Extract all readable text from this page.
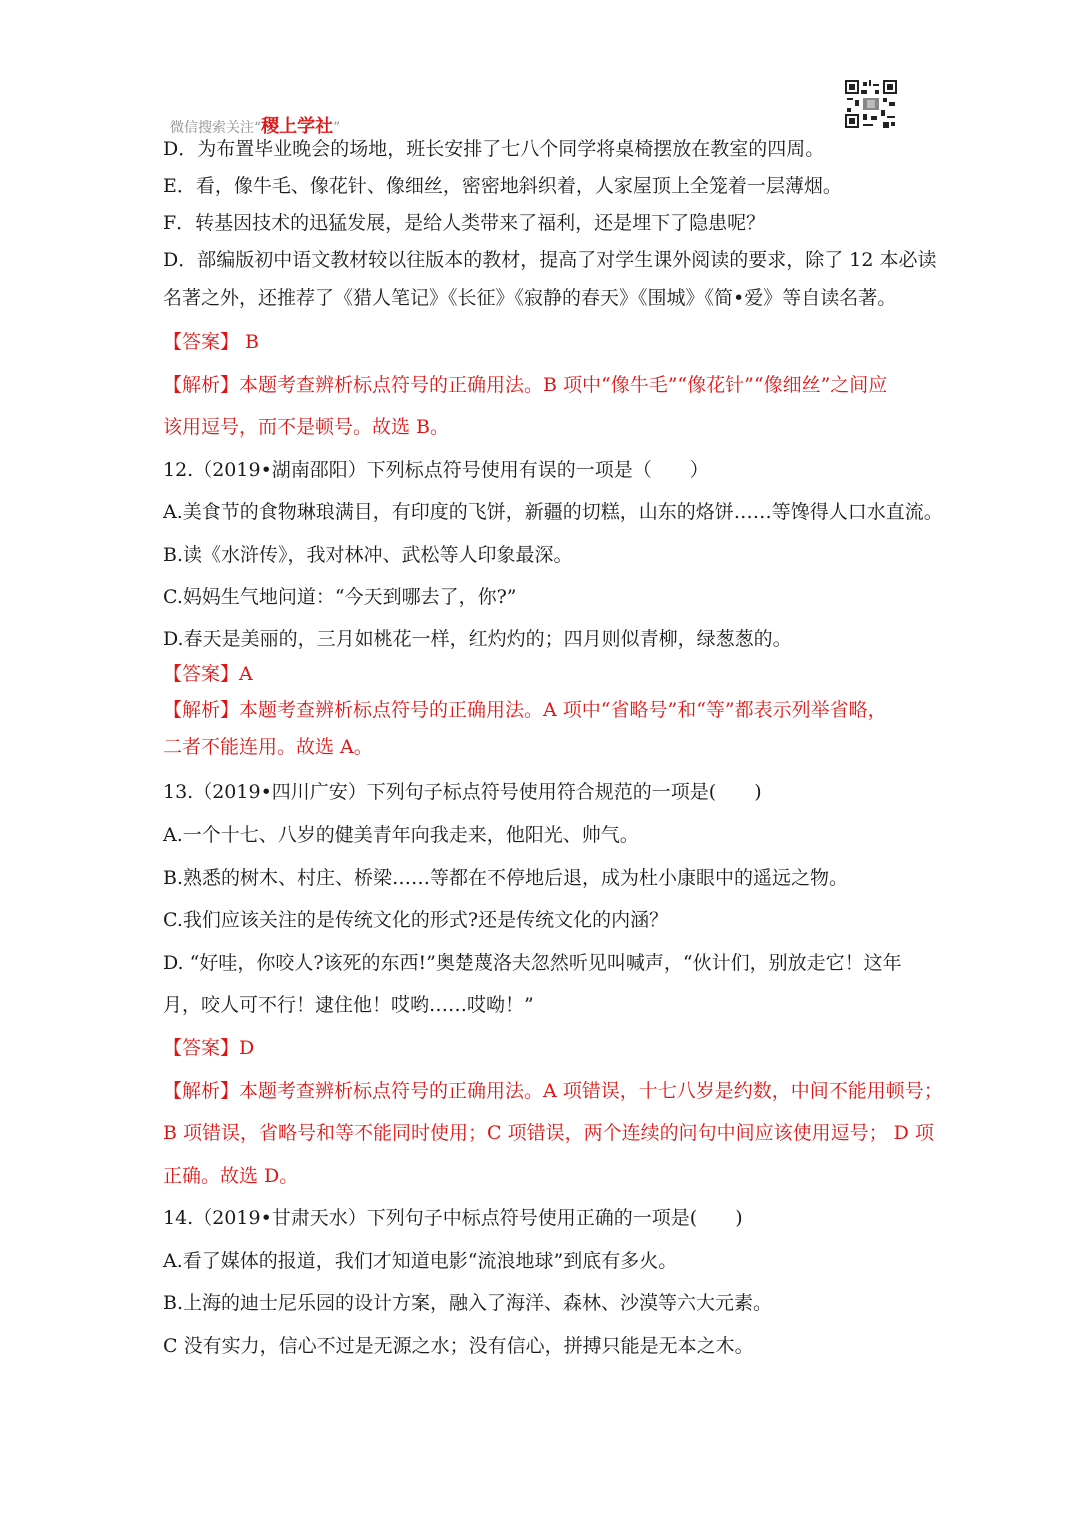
微信搜索关注“稷上学社”
D．为布置毕业晚会的场地，班长安排了七八个同学将桌椅摆放在教室的四周。
E．看，像牛毛、像花针、像细丝，密密地斜织着，人家屋顶上全笼着一层薄烟。
F．转基因技术的迅猛发展，是给人类带来了福利，还是埋下了隐患呢？
D．部编版初中语文教材较以往版本的教材，提高了对学生课外阅读的要求，除了 12 本必读
名著之外，还推荐了《猎人笔记》《长征》《寂静的春天》《围城》《简•爱》等自读名著。
【答案】 B
【解析】本题考查辨析标点符号的正确用法。B 项中“像牛毛”“像花针”“像细丝”之间应
该用逗号，而不是顿号。故选 B。
12.（2019•湖南邵阳）下列标点符号使用有误的一项是（　　）
A.美食节的食物琳琅满目，有印度的飞饼，新疆的切糕，山东的烙饼……等馋得人口水直流。
B.读《水浒传》，我对林冲、武松等人印象最深。
C.妈妈生气地问道：“今天到哪去了，你?”
D.春天是美丽的，三月如桃花一样，红灼灼的；四月则似青柳，绿葱葱的。
【答案】A
【解析】本题考查辨析标点符号的正确用法。A 项中“省略号”和“等”都表示列举省略，
二者不能连用。故选 A。
13.（2019•四川广安）下列句子标点符号使用符合规范的一项是(　　)
A.一个十七、八岁的健美青年向我走来，他阳光、帅气。
B.熟悉的树木、村庄、桥梁……等都在不停地后退，成为杜小康眼中的遥远之物。
C.我们应该关注的是传统文化的形式?还是传统文化的内涵？
D. “好哇，你咬人?该死的东西!”奥楚蔑洛夫忽然听见叫喊声，“伙计们，别放走它！这年
月，咬人可不行！逮住他！哎哟……哎呦！”
【答案】D
【解析】本题考查辨析标点符号的正确用法。A 项错误，十七八岁是约数，中间不能用顿号；
B 项错误，省略号和等不能同时使用；C 项错误，两个连续的问句中间应该使用逗号； D 项
正确。故选 D。
14.（2019•甘肃天水）下列句子中标点符号使用正确的一项是(　　)
A.看了媒体的报道，我们才知道电影“流浪地球”到底有多火。
B.上海的迪士尼乐园的设计方案，融入了海洋、森林、沙漠等六大元素。
C 没有实力，信心不过是无源之水；没有信心，拼搏只能是无本之木。
